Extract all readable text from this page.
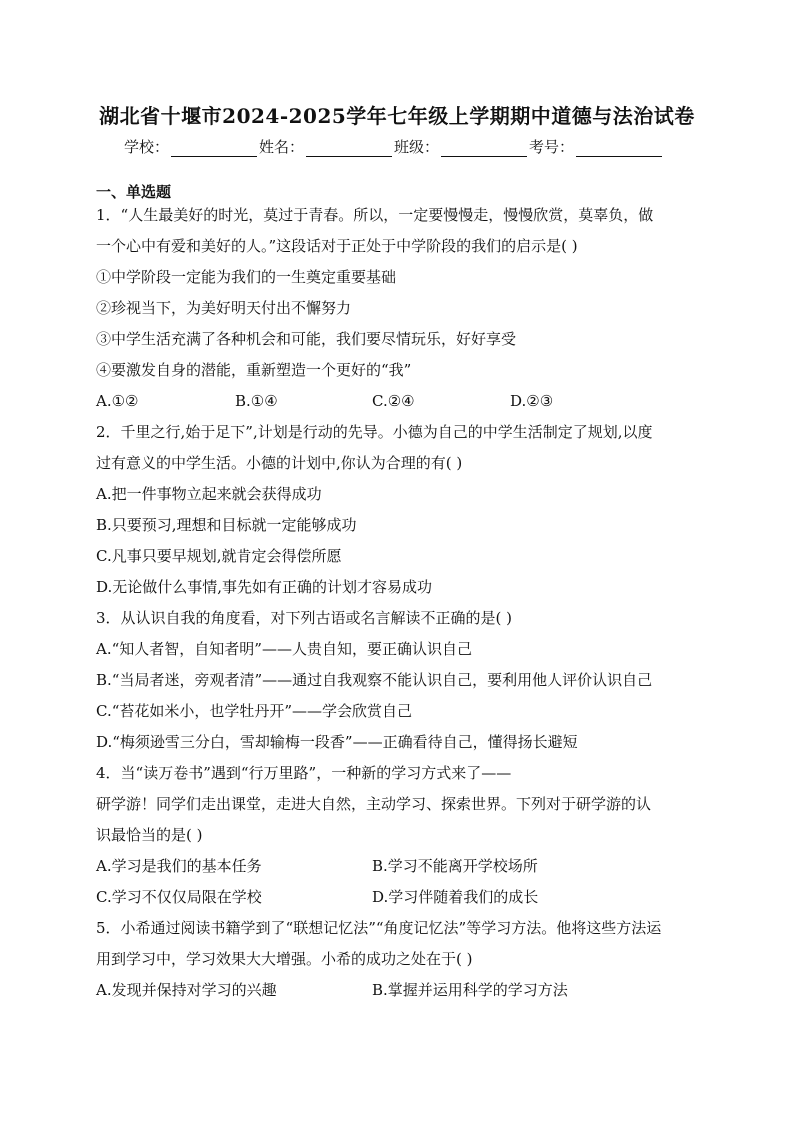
湖北省十堰市2024-2025学年七年级上学期期中道德与法治试卷
学校：	姓名：	班级：	考号：
一、单选题
1．“人生最美好的时光，莫过于青春。所以，一定要慢慢走，慢慢欣赏，莫辜负，做
一个心中有爱和美好的人。”这段话对于正处于中学阶段的我们的启示是( )
①中学阶段一定能为我们的一生奠定重要基础
②珍视当下，为美好明天付出不懈努力
③中学生活充满了各种机会和可能，我们要尽情玩乐，好好享受
④要激发自身的潜能，重新塑造一个更好的“我”
A.①②	B.①④	C.②④	D.②③
2．千里之行,始于足下”,计划是行动的先导。小德为自己的中学生活制定了规划,以度
过有意义的中学生活。小德的计划中,你认为合理的有( )
A.把一件事物立起来就会获得成功
B.只要预习,理想和目标就一定能够成功
C.凡事只要早规划,就肯定会得偿所愿
D.无论做什么事情,事先如有正确的计划才容易成功
3．从认识自我的角度看，对下列古语或名言解读不正确的是( )
A.“知人者智，自知者明”——人贵自知，要正确认识自己
B.“当局者迷，旁观者清”——通过自我观察不能认识自己，要利用他人评价认识自己
C.“苔花如米小，也学牡丹开”——学会欣赏自己
D.“梅须逊雪三分白，雪却输梅一段香”——正确看待自己，懂得扬长避短
4．当“读万卷书”遇到“行万里路”，一种新的学习方式来了——
研学游！同学们走出课堂，走进大自然，主动学习、探索世界。下列对于研学游的认
识最恰当的是( )
A.学习是我们的基本任务	B.学习不能离开学校场所
C.学习不仅仅局限在学校	D.学习伴随着我们的成长
5．小希通过阅读书籍学到了“联想记忆法”“角度记忆法”等学习方法。他将这些方法运
用到学习中，学习效果大大增强。小希的成功之处在于( )
A.发现并保持对学习的兴趣	B.掌握并运用科学的学习方法
